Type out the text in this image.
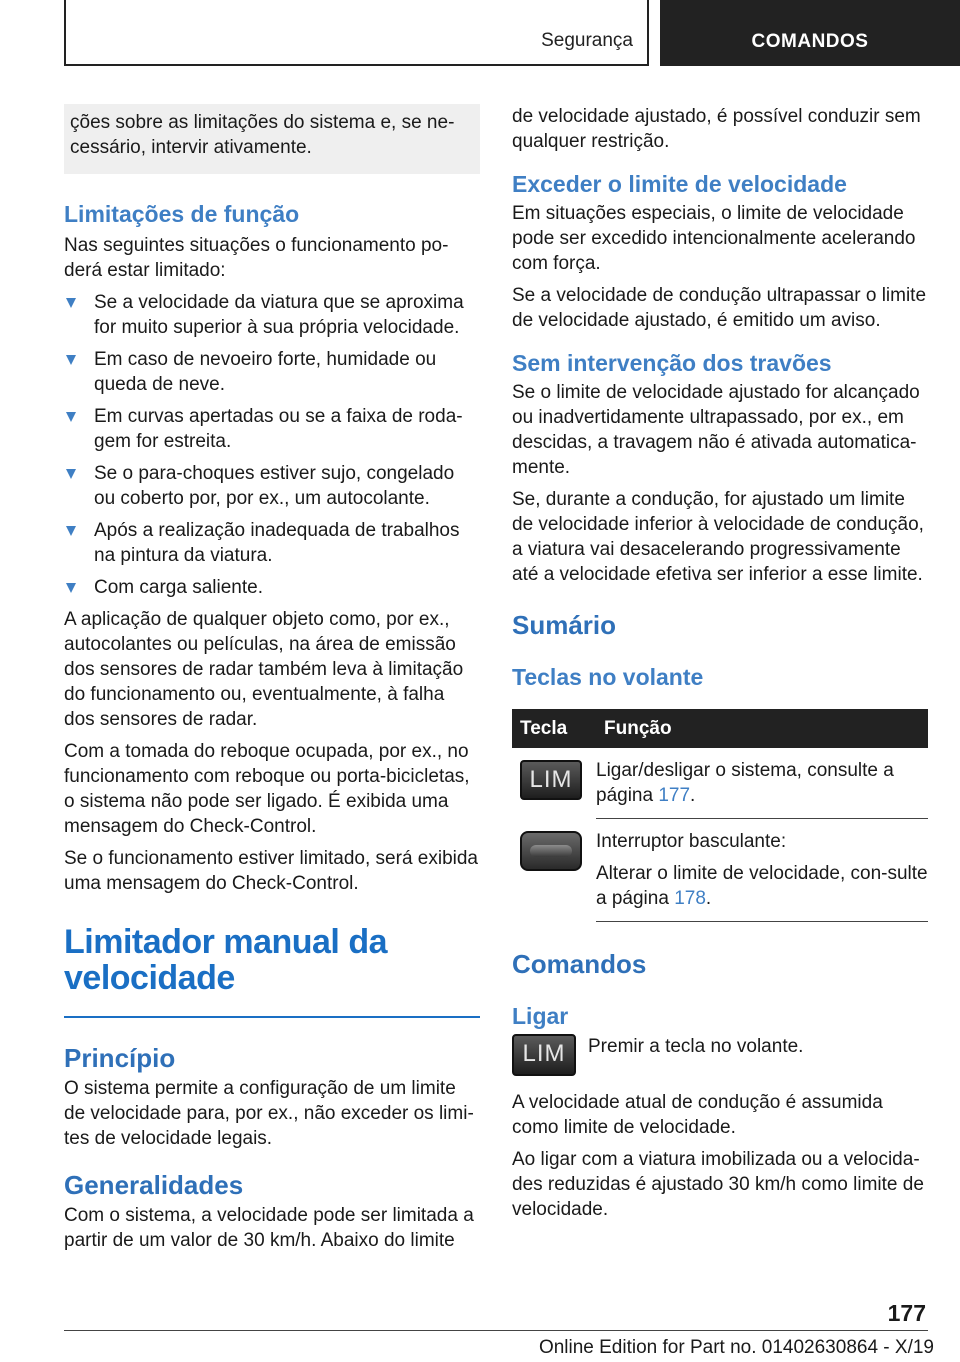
Segurança	COMANDOS

ções sobre as limitações do sistema e, se ne-cessário, intervir ativamente.

Limitações de função

Nas seguintes situações o funcionamento po-derá estar limitado:

Se a velocidade da viatura que se aproxima for muito superior à sua própria velocidade.
Em caso de nevoeiro forte, humidade ou queda de neve.
Em curvas apertadas ou se a faixa de roda-gem for estreita.
Se o para-choques estiver sujo, congelado ou coberto por, por ex., um autocolante.
Após a realização inadequada de trabalhos na pintura da viatura.
Com carga saliente.

A aplicação de qualquer objeto como, por ex., autocolantes ou películas, na área de emissão dos sensores de radar também leva à limitação do funcionamento ou, eventualmente, à falha dos sensores de radar.

Com a tomada do reboque ocupada, por ex., no funcionamento com reboque ou porta-bicicletas, o sistema não pode ser ligado. É exibida uma mensagem do Check-Control.

Se o funcionamento estiver limitado, será exibida uma mensagem do Check-Control.

Limitador manual da velocidade
Princípio

O sistema permite a configuração de um limite de velocidade para, por ex., não exceder os limi-tes de velocidade legais.

Generalidades

Com o sistema, a velocidade pode ser limitada a partir de um valor de 30 km/h. Abaixo do limite

de velocidade ajustado, é possível conduzir sem qualquer restrição.

Exceder o limite de velocidade

Em situações especiais, o limite de velocidade pode ser excedido intencionalmente acelerando com força.

Se a velocidade de condução ultrapassar o limite de velocidade ajustado, é emitido um aviso.

Sem intervenção dos travões

Se o limite de velocidade ajustado for alcançado ou inadvertidamente ultrapassado, por ex., em descidas, a travagem não é ativada automatica-mente.

Se, durante a condução, for ajustado um limite de velocidade inferior à velocidade de condução, a viatura vai desacelerando progressivamente até a velocidade efetiva ser inferior a esse limite.

Sumário
Teclas no volante
Tecla	Função

LIM	Ligar/desligar o sistema, consulte a página 177.

	Interruptor basculante:

Alterar o limite de velocidade, con-sulte a página 178.

Comandos
Ligar
LIM	Premir a tecla no volante.

A velocidade atual de condução é assumida como limite de velocidade.

Ao ligar com a viatura imobilizada ou a velocida-des reduzidas é ajustado 30 km/h como limite de velocidade.

177
Online Edition for Part no. 01402630864 - X/19
